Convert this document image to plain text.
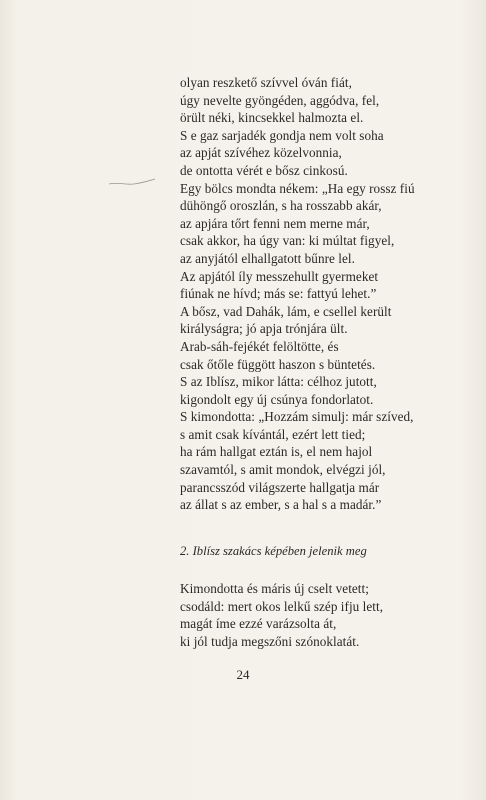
olyan reszkető szívvel óván fiát,
úgy nevelte gyöngéden, aggódva, fel,
örült néki, kincsekkel halmozta el.
S e gaz sarjadék gondja nem volt soha
az apját szívéhez közelvonnia,
de ontotta vérét e bősz cinkosú.
Egy bölcs mondta nékem: „Ha egy rossz fiú
dühöngő oroszlán, s ha rosszabb akár,
az apjára tőrt fenni nem merne már,
csak akkor, ha úgy van: ki múltat figyel,
az anyjától elhallgatott bűnre lel.
Az apjától íly messzehullt gyermeket
fiúnak ne hívd; más se: fattyú lehet.”
A bősz, vad Dahák, lám, e csellel került
királyságra; jó apja trónjára ült.
Arab-sáh-fejékét felöltötte, és
csak őtőle függött haszon s büntetés.
S az Iblísz, mikor látta: célhoz jutott,
kigondolt egy új csúnya fondorlatot.
S kimondotta: „Hozzám simulj: már szíved,
s amit csak kívántál, ezért lett tied;
ha rám hallgat eztán is, el nem hajol
szavamtól, s amit mondok, elvégzi jól,
parancsszód világszerte hallgatja már
az állat s az ember, s a hal s a madár.”
2. Iblísz szakács képében jelenik meg
Kimondotta és máris új cselt vetett;
csodáld: mert okos lelkű szép ifju lett,
magát íme ezzé varázsolta át,
ki jól tudja megszőni szónoklatát.
24
